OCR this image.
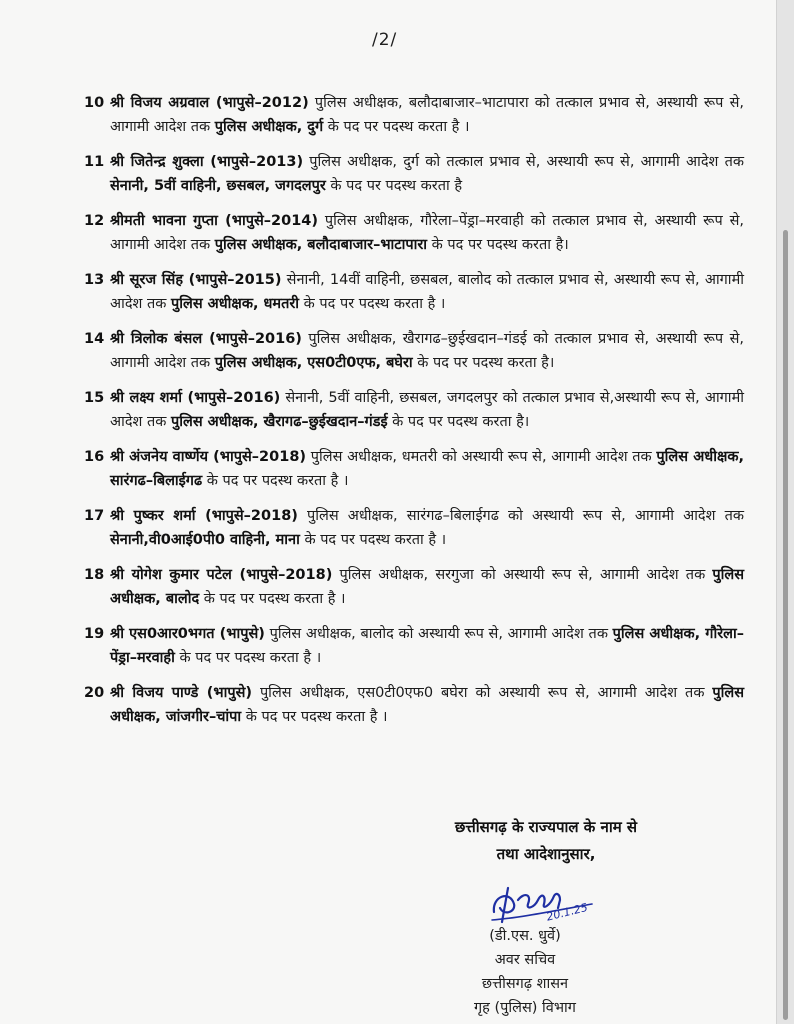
/2/
10 श्री विजय अग्रवाल (भापुसे–2012) पुलिस अधीक्षक, बलौदाबाजार–भाटापारा को तत्काल प्रभाव से, अस्थायी रूप से, आगामी आदेश तक पुलिस अधीक्षक, दुर्ग के पद पर पदस्थ करता है ।
11 श्री जितेन्द्र शुक्ला (भापुसे–2013) पुलिस अधीक्षक, दुर्ग को तत्काल प्रभाव से, अस्थायी रूप से, आगामी आदेश तक सेनानी, 5वीं वाहिनी, छसबल, जगदलपुर के पद पर पदस्थ करता है
12 श्रीमती भावना गुप्ता (भापुसे–2014) पुलिस अधीक्षक, गौरेला–पेंड्रा–मरवाही को तत्काल प्रभाव से, अस्थायी रूप से, आगामी आदेश तक पुलिस अधीक्षक, बलौदाबाजार–भाटापारा के पद पर पदस्थ करता है।
13 श्री सूरज सिंह (भापुसे–2015) सेनानी, 14वीं वाहिनी, छसबल, बालोद को तत्काल प्रभाव से, अस्थायी रूप से, आगामी आदेश तक पुलिस अधीक्षक, धमतरी के पद पर पदस्थ करता है ।
14 श्री त्रिलोक बंसल (भापुसे–2016) पुलिस अधीक्षक, खैरागढ–छुईखदान–गंडई को तत्काल प्रभाव से, अस्थायी रूप से, आगामी आदेश तक पुलिस अधीक्षक, एस0टी0एफ, बघेरा के पद पर पदस्थ करता है।
15 श्री लक्ष्य शर्मा (भापुसे–2016) सेनानी, 5वीं वाहिनी, छसबल, जगदलपुर को तत्काल प्रभाव से,अस्थायी रूप से, आगामी आदेश तक पुलिस अधीक्षक, खैरागढ–छुईखदान–गंडई के पद पर पदस्थ करता है।
16 श्री अंजनेय वार्ष्णेय (भापुसे–2018) पुलिस अधीक्षक, धमतरी को अस्थायी रूप से, आगामी आदेश तक पुलिस अधीक्षक, सारंगढ–बिलाईगढ के पद पर पदस्थ करता है ।
17 श्री पुष्कर शर्मा (भापुसे–2018) पुलिस अधीक्षक, सारंगढ–बिलाईगढ को अस्थायी रूप से, आगामी आदेश तक सेनानी,वी0आई0पी0 वाहिनी, माना के पद पर पदस्थ करता है ।
18 श्री योगेश कुमार पटेल (भापुसे–2018) पुलिस अधीक्षक, सरगुजा को अस्थायी रूप से, आगामी आदेश तक पुलिस अधीक्षक, बालोद के पद पर पदस्थ करता है ।
19 श्री एस0आर0भगत (भापुसे) पुलिस अधीक्षक, बालोद को अस्थायी रूप से, आगामी आदेश तक पुलिस अधीक्षक, गौरेला–पेंड्रा–मरवाही के पद पर पदस्थ करता है ।
20 श्री विजय पाण्डे (भापुसे) पुलिस अधीक्षक, एस0टी0एफ0 बघेरा को अस्थायी रूप से, आगामी आदेश तक पुलिस अधीक्षक, जांजगीर–चांपा के पद पर पदस्थ करता है ।
छत्तीसगढ़ के राज्यपाल के नाम से
तथा आदेशानुसार,
20.1.25
(डी.एस. धुर्वे)
अवर सचिव
छत्तीसगढ़ शासन
गृह (पुलिस) विभाग
